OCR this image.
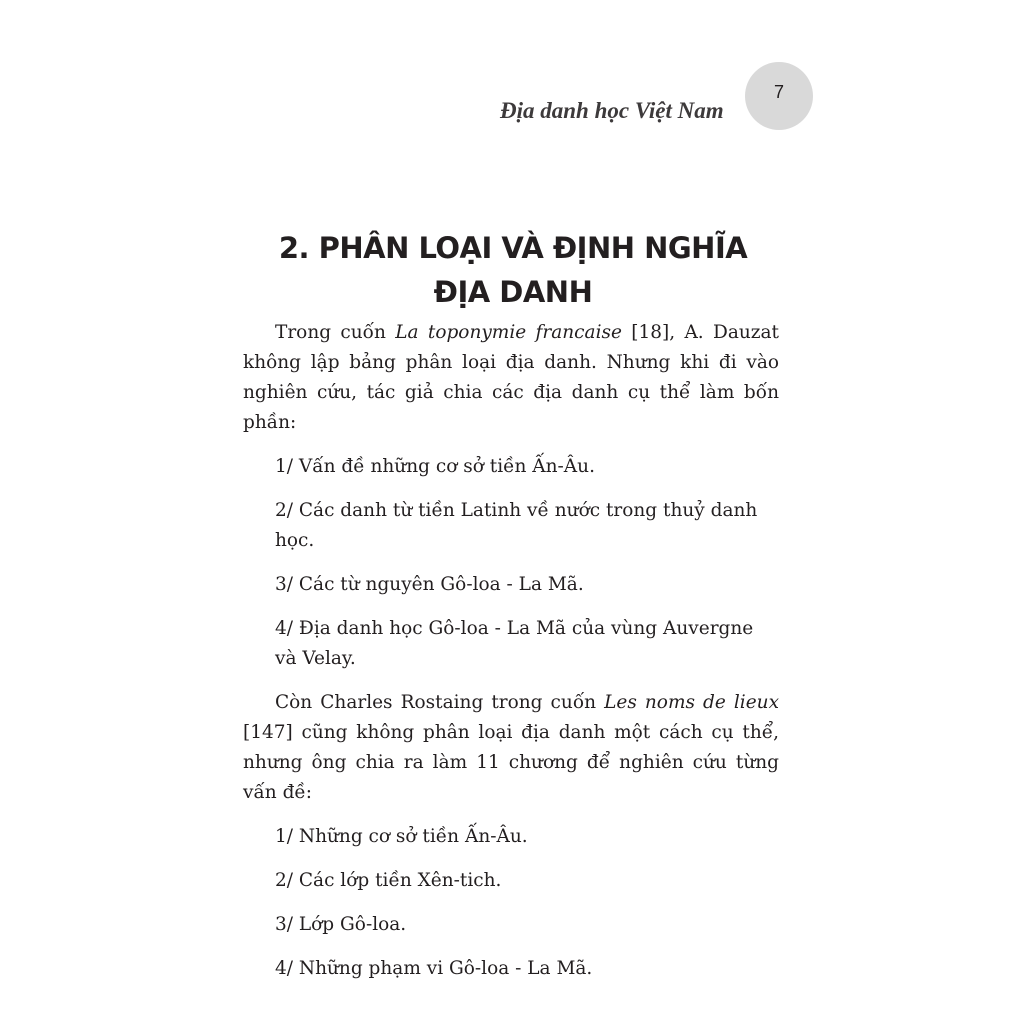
Địa danh học Việt Nam
7
2. PHÂN LOẠI VÀ ĐỊNH NGHĨA
ĐỊA DANH

Trong cuốn La toponymie francaise [18], A. Dauzat không lập bảng phân loại địa danh. Nhưng khi đi vào nghiên cứu, tác giả chia các địa danh cụ thể làm bốn phần:

1/ Vấn đề những cơ sở tiền Ấn-Âu.

2/ Các danh từ tiền Latinh về nước trong thuỷ danh học.

3/ Các từ nguyên Gô-loa - La Mã.

4/ Địa danh học Gô-loa - La Mã của vùng Auvergne và Velay.

Còn Charles Rostaing trong cuốn Les noms de lieux [147] cũng không phân loại địa danh một cách cụ thể, nhưng ông chia ra làm 11 chương để nghiên cứu từng vấn đề:

1/ Những cơ sở tiền Ấn-Âu.

2/ Các lớp tiền Xên-tich.

3/ Lớp Gô-loa.

4/ Những phạm vi Gô-loa - La Mã.
